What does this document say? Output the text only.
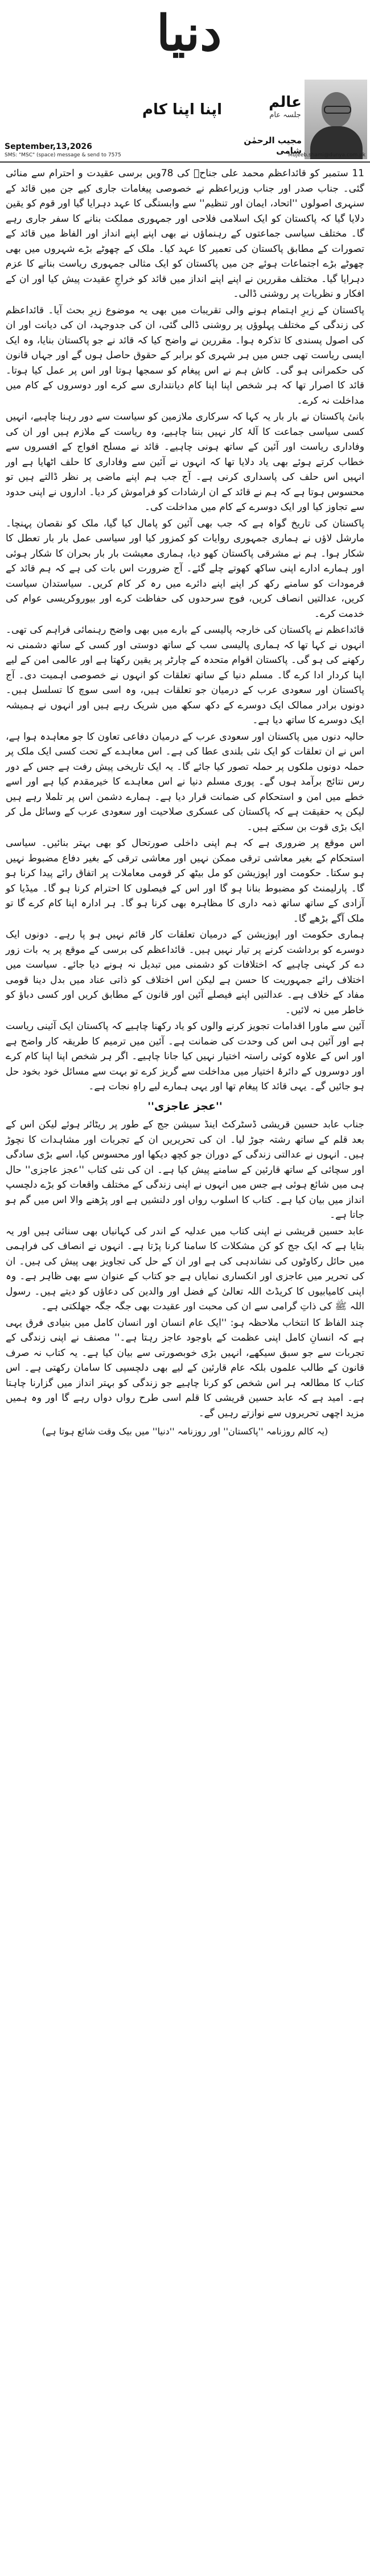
دنیا
عالم
جلسہ عام
اپنا اپنا کام
مجیب الرحمٰن شامی
September,13,2026
SMS: "MSC" (space) message & send to 7575	Mujeeb.shami@dunya.com.pk

11 ستمبر کو قائداعظم محمد علی جناحؒ کی 78ویں برسی عقیدت و احترام سے منائی گئی۔ جناب صدر اور جناب وزیراعظم نے خصوصی پیغامات جاری کیے جن میں قائد کے سنہری اصولوں ''اتحاد، ایمان اور تنظیم'' سے وابستگی کا عہد دہرایا گیا اور قوم کو یقین دلایا گیا کہ پاکستان کو ایک اسلامی فلاحی اور جمہوری مملکت بنانے کا سفر جاری رہے گا۔ مختلف سیاسی جماعتوں کے رہنماؤں نے بھی اپنے اپنے انداز اور الفاظ میں قائد کے تصورات کے مطابق پاکستان کی تعمیر کا عہد کیا۔ ملک کے چھوٹے بڑے شہروں میں بھی چھوٹے بڑے اجتماعات ہوئے جن میں پاکستان کو ایک مثالی جمہوری ریاست بنانے کا عزم دہرایا گیا۔ مختلف مقررین نے اپنے اپنے انداز میں قائد کو خراجِ عقیدت پیش کیا اور ان کے افکار و نظریات پر روشنی ڈالی۔

پاکستان کے زیرِ اہتمام ہونے والی تقریبات میں بھی یہ موضوع زیرِ بحث آیا۔ قائداعظم کی زندگی کے مختلف پہلوؤں پر روشنی ڈالی گئی، ان کی جدوجہد، ان کی دیانت اور ان کی اصول پسندی کا تذکرہ ہوا۔ مقررین نے واضح کیا کہ قائد نے جو پاکستان بنایا، وہ ایک ایسی ریاست تھی جس میں ہر شہری کو برابر کے حقوق حاصل ہوں گے اور جہاں قانون کی حکمرانی ہو گی۔ کاش ہم نے اس پیغام کو سمجھا ہوتا اور اس پر عمل کیا ہوتا۔ قائد کا اصرار تھا کہ ہر شخص اپنا اپنا کام دیانتداری سے کرے اور دوسروں کے کام میں مداخلت نہ کرے۔

بانیٔ پاکستان نے بار بار یہ کہا کہ سرکاری ملازمین کو سیاست سے دور رہنا چاہیے، انہیں کسی سیاسی جماعت کا آلۂ کار نہیں بننا چاہیے، وہ ریاست کے ملازم ہیں اور ان کی وفاداری ریاست اور آئین کے ساتھ ہونی چاہیے۔ قائد نے مسلح افواج کے افسروں سے خطاب کرتے ہوئے بھی یاد دلایا تھا کہ انہوں نے آئین سے وفاداری کا حلف اٹھایا ہے اور انہیں اس حلف کی پاسداری کرنی ہے۔ آج جب ہم اپنے ماضی پر نظر ڈالتے ہیں تو محسوس ہوتا ہے کہ ہم نے قائد کے ان ارشادات کو فراموش کر دیا۔ اداروں نے اپنی حدود سے تجاوز کیا اور ایک دوسرے کے کام میں مداخلت کی۔

پاکستان کی تاریخ گواہ ہے کہ جب بھی آئین کو پامال کیا گیا، ملک کو نقصان پہنچا۔ مارشل لاؤں نے ہماری جمہوری روایات کو کمزور کیا اور سیاسی عمل بار بار تعطل کا شکار ہوا۔ ہم نے مشرقی پاکستان کھو دیا، ہماری معیشت بار بار بحران کا شکار ہوئی اور ہمارے ادارے اپنی ساکھ کھوتے چلے گئے۔ آج ضرورت اس بات کی ہے کہ ہم قائد کے فرمودات کو سامنے رکھ کر اپنے اپنے دائرے میں رہ کر کام کریں۔ سیاستدان سیاست کریں، عدالتیں انصاف کریں، فوج سرحدوں کی حفاظت کرے اور بیوروکریسی عوام کی خدمت کرے۔

قائداعظم نے پاکستان کی خارجہ پالیسی کے بارے میں بھی واضح رہنمائی فراہم کی تھی۔ انہوں نے کہا تھا کہ ہماری پالیسی سب کے ساتھ دوستی اور کسی کے ساتھ دشمنی نہ رکھنے کی ہو گی۔ پاکستان اقوام متحدہ کے چارٹر پر یقین رکھتا ہے اور عالمی امن کے لیے اپنا کردار ادا کرے گا۔ مسلم دنیا کے ساتھ تعلقات کو انہوں نے خصوصی اہمیت دی۔ آج پاکستان اور سعودی عرب کے درمیان جو تعلقات ہیں، وہ اسی سوچ کا تسلسل ہیں۔ دونوں برادر ممالک ایک دوسرے کے دکھ سکھ میں شریک رہے ہیں اور انہوں نے ہمیشہ ایک دوسرے کا ساتھ دیا ہے۔

حالیہ دنوں میں پاکستان اور سعودی عرب کے درمیان دفاعی تعاون کا جو معاہدہ ہوا ہے، اس نے ان تعلقات کو ایک نئی بلندی عطا کی ہے۔ اس معاہدے کے تحت کسی ایک ملک پر حملہ دونوں ملکوں پر حملہ تصور کیا جائے گا۔ یہ ایک تاریخی پیش رفت ہے جس کے دور رس نتائج برآمد ہوں گے۔ پوری مسلم دنیا نے اس معاہدے کا خیرمقدم کیا ہے اور اسے خطے میں امن و استحکام کی ضمانت قرار دیا ہے۔ ہمارے دشمن اس پر تلملا رہے ہیں لیکن یہ حقیقت ہے کہ پاکستان کی عسکری صلاحیت اور سعودی عرب کے وسائل مل کر ایک بڑی قوت بن سکتے ہیں۔

اس موقع پر ضروری ہے کہ ہم اپنی داخلی صورتحال کو بھی بہتر بنائیں۔ سیاسی استحکام کے بغیر معاشی ترقی ممکن نہیں اور معاشی ترقی کے بغیر دفاع مضبوط نہیں ہو سکتا۔ حکومت اور اپوزیشن کو مل بیٹھ کر قومی معاملات پر اتفاق رائے پیدا کرنا ہو گا۔ پارلیمنٹ کو مضبوط بنانا ہو گا اور اس کے فیصلوں کا احترام کرنا ہو گا۔ میڈیا کو آزادی کے ساتھ ساتھ ذمہ داری کا مظاہرہ بھی کرنا ہو گا۔ ہر ادارہ اپنا کام کرے گا تو ملک آگے بڑھے گا۔

ہماری حکومت اور اپوزیشن کے درمیان تعلقات کار قائم نہیں ہو پا رہے۔ دونوں ایک دوسرے کو برداشت کرنے پر تیار نہیں ہیں۔ قائداعظم کی برسی کے موقع پر یہ بات زور دے کر کہنی چاہیے کہ اختلافات کو دشمنی میں تبدیل نہ ہونے دیا جائے۔ سیاست میں اختلاف رائے جمہوریت کا حسن ہے لیکن اس اختلاف کو ذاتی عناد میں بدل دینا قومی مفاد کے خلاف ہے۔ عدالتیں اپنے فیصلے آئین اور قانون کے مطابق کریں اور کسی دباؤ کو خاطر میں نہ لائیں۔

آئین سے ماورا اقدامات تجویز کرنے والوں کو یاد رکھنا چاہیے کہ پاکستان ایک آئینی ریاست ہے اور آئین ہی اس کی وحدت کی ضمانت ہے۔ آئین میں ترمیم کا طریقہ کار واضح ہے اور اس کے علاوہ کوئی راستہ اختیار نہیں کیا جانا چاہیے۔ اگر ہر شخص اپنا اپنا کام کرے اور دوسروں کے دائرۂ اختیار میں مداخلت سے گریز کرے تو بہت سے مسائل خود بخود حل ہو جائیں گے۔ یہی قائد کا پیغام تھا اور یہی ہمارے لیے راہِ نجات ہے۔

''عجز عاجزی''

جناب عابد حسین قریشی ڈسٹرکٹ اینڈ سیشن جج کے طور پر ریٹائر ہوئے لیکن اس کے بعد قلم کے ساتھ رشتہ جوڑ لیا۔ ان کی تحریریں ان کے تجربات اور مشاہدات کا نچوڑ ہیں۔ انہوں نے عدالتی زندگی کے دوران جو کچھ دیکھا اور محسوس کیا، اسے بڑی سادگی اور سچائی کے ساتھ قارئین کے سامنے پیش کیا ہے۔ ان کی نئی کتاب ''عجز عاجزی'' حال ہی میں شائع ہوئی ہے جس میں انہوں نے اپنی زندگی کے مختلف واقعات کو بڑے دلچسپ انداز میں بیان کیا ہے۔ کتاب کا اسلوب رواں اور دلنشیں ہے اور پڑھنے والا اس میں گم ہو جاتا ہے۔

عابد حسین قریشی نے اپنی کتاب میں عدلیہ کے اندر کی کہانیاں بھی سنائی ہیں اور یہ بتایا ہے کہ ایک جج کو کن مشکلات کا سامنا کرنا پڑتا ہے۔ انہوں نے انصاف کی فراہمی میں حائل رکاوٹوں کی نشاندہی کی ہے اور ان کے حل کی تجاویز بھی پیش کی ہیں۔ ان کی تحریر میں عاجزی اور انکساری نمایاں ہے جو کتاب کے عنوان سے بھی ظاہر ہے۔ وہ اپنی کامیابیوں کا کریڈٹ اللہ تعالیٰ کے فضل اور والدین کی دعاؤں کو دیتے ہیں۔ رسول اللہ ﷺ کی ذاتِ گرامی سے ان کی محبت اور عقیدت بھی جگہ جگہ جھلکتی ہے۔

چند الفاظ کا انتخاب ملاحظہ ہو: ''ایک عام انسان اور انسان کامل میں بنیادی فرق یہی ہے کہ انسانِ کامل اپنی عظمت کے باوجود عاجز رہتا ہے۔'' مصنف نے اپنی زندگی کے تجربات سے جو سبق سیکھے، انہیں بڑی خوبصورتی سے بیان کیا ہے۔ یہ کتاب نہ صرف قانون کے طالب علموں بلکہ عام قارئین کے لیے بھی دلچسپی کا سامان رکھتی ہے۔ اس کتاب کا مطالعہ ہر اس شخص کو کرنا چاہیے جو زندگی کو بہتر انداز میں گزارنا چاہتا ہے۔ امید ہے کہ عابد حسین قریشی کا قلم اسی طرح رواں دواں رہے گا اور وہ ہمیں مزید اچھی تحریروں سے نوازتے رہیں گے۔

(یہ کالم روزنامہ ''پاکستان'' اور روزنامہ ''دنیا'' میں بیک وقت شائع ہوتا ہے)
